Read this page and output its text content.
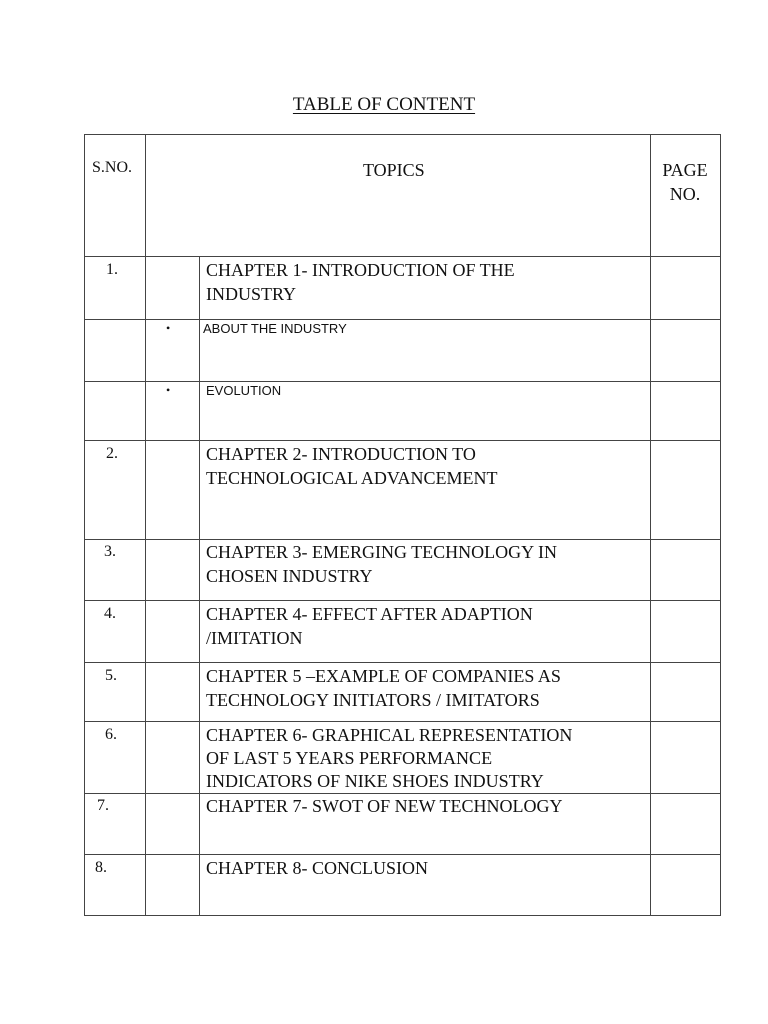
TABLE OF CONTENT
S.NO.	TOPICS	PAGE
NO.
1.	CHAPTER 1- INTRODUCTION OF THE
INDUSTRY
•	ABOUT THE INDUSTRY
•	EVOLUTION
2.	CHAPTER 2- INTRODUCTION TO
TECHNOLOGICAL ADVANCEMENT
3.	CHAPTER 3- EMERGING TECHNOLOGY IN
CHOSEN INDUSTRY
4.	CHAPTER 4- EFFECT AFTER ADAPTION
/IMITATION
5.	CHAPTER 5 –EXAMPLE OF COMPANIES AS
TECHNOLOGY INITIATORS / IMITATORS
6.	CHAPTER 6- GRAPHICAL REPRESENTATION
OF LAST 5 YEARS PERFORMANCE
INDICATORS OF NIKE SHOES INDUSTRY
7.	CHAPTER 7- SWOT OF NEW TECHNOLOGY
8.	CHAPTER 8- CONCLUSION
